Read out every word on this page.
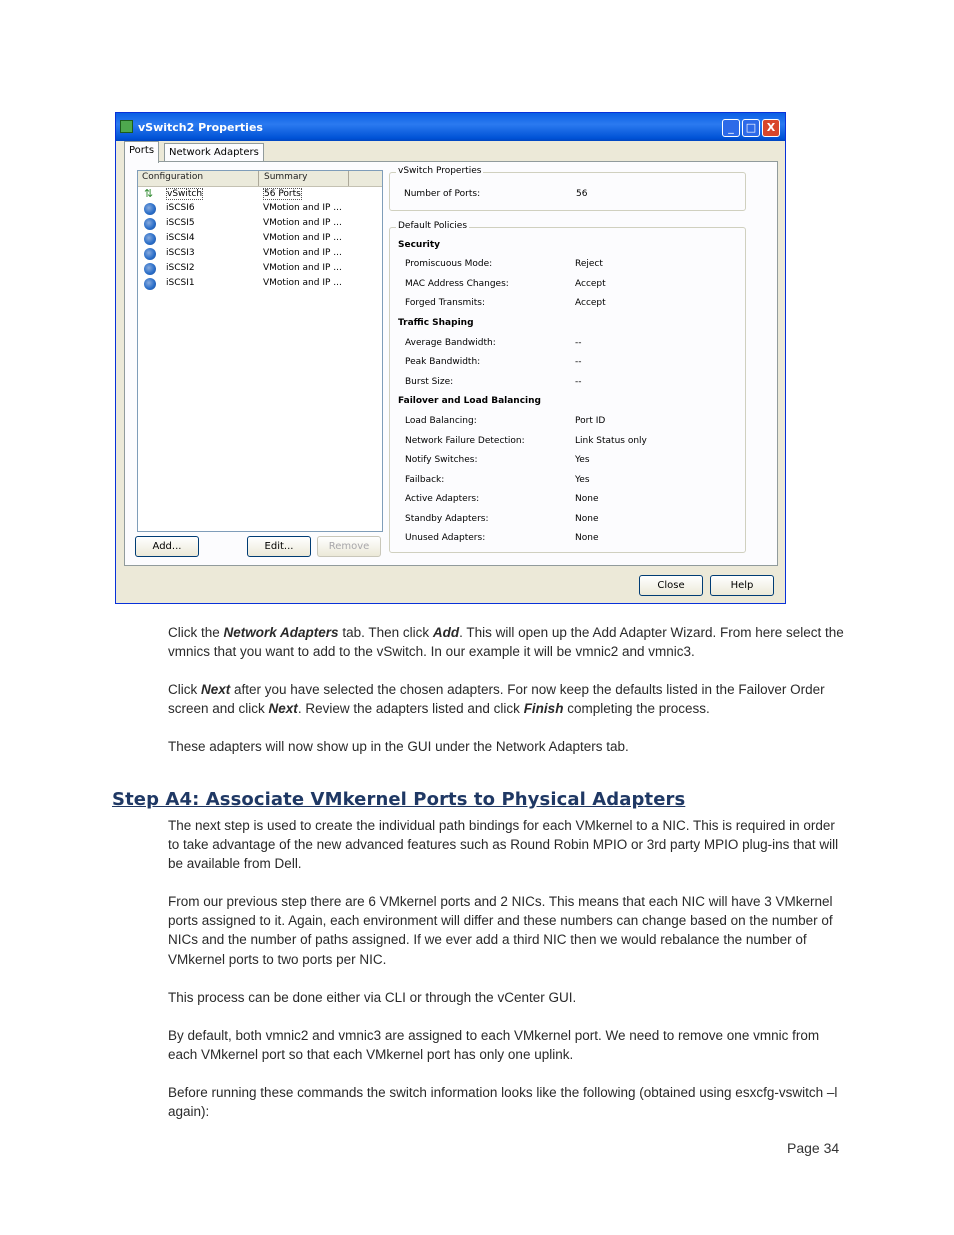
vSwitch2 Properties	_	□ X
Ports	Network Adapters
Configuration	Summary
⇅	vSwitch	56 Ports
iSCSI6	VMotion and IP ...
iSCSI5	VMotion and IP ...
iSCSI4	VMotion and IP ...
iSCSI3	VMotion and IP ...
iSCSI2	VMotion and IP ...
iSCSI1	VMotion and IP ...
Add...	Edit...	Remove
vSwitch Properties
Number of Ports:	56
Default Policies
Security
Promiscuous Mode:	Reject
MAC Address Changes:	Accept
Forged Transmits:	Accept
Traffic Shaping
Average Bandwidth:	--
Peak Bandwidth:	--
Burst Size:	--
Failover and Load Balancing
Load Balancing:	Port ID
Network Failure Detection:	Link Status only
Notify Switches:	Yes
Failback:	Yes
Active Adapters:	None
Standby Adapters:	None
Unused Adapters:	None
Close	Help
Click the Network Adapters tab. Then click Add. This will open up the Add Adapter Wizard. From here select the vmnics that you want to add to the vSwitch. In our example it will be vmnic2 and vmnic3.
Click Next after you have selected the chosen adapters. For now keep the defaults listed in the Failover Order screen and click Next. Review the adapters listed and click Finish completing the process.
These adapters will now show up in the GUI under the Network Adapters tab.
Step A4: Associate VMkernel Ports to Physical Adapters
The next step is used to create the individual path bindings for each VMkernel to a NIC. This is required in order to take advantage of the new advanced features such as Round Robin MPIO or 3rd party MPIO plug-ins that will be available from Dell.
From our previous step there are 6 VMkernel ports and 2 NICs. This means that each NIC will have 3 VMkernel ports assigned to it. Again, each environment will differ and these numbers can change based on the number of NICs and the number of paths assigned. If we ever add a third NIC then we would rebalance the number of VMkernel ports to two ports per NIC.
This process can be done either via CLI or through the vCenter GUI.
By default, both vmnic2 and vmnic3 are assigned to each VMkernel port. We need to remove one vmnic from each VMkernel port so that each VMkernel port has only one uplink.
Before running these commands the switch information looks like the following (obtained using esxcfg-vswitch –l again):
Page 34
